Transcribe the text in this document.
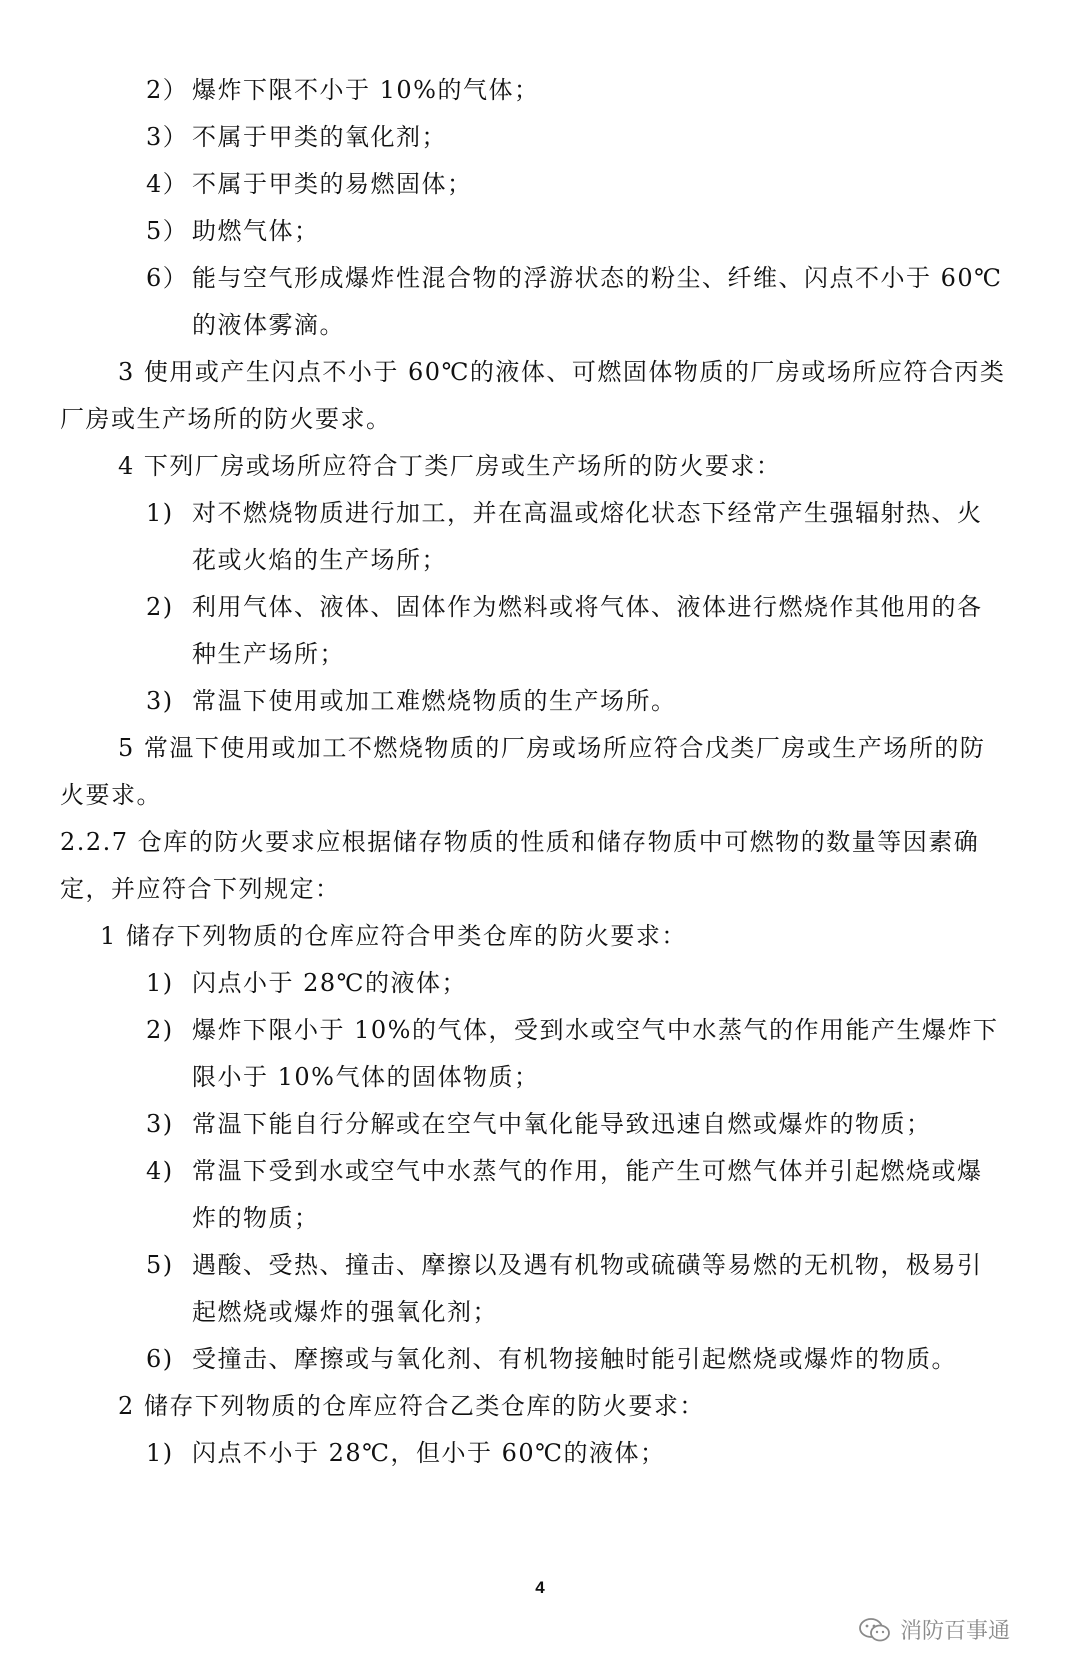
2） 爆炸下限不小于 10%的气体；
3） 不属于甲类的氧化剂；
4） 不属于甲类的易燃固体；
5） 助燃气体；
6） 能与空气形成爆炸性混合物的浮游状态的粉尘、纤维、闪点不小于 60℃
的液体雾滴。
3 使用或产生闪点不小于 60℃的液体、可燃固体物质的厂房或场所应符合丙类
厂房或生产场所的防火要求。
4 下列厂房或场所应符合丁类厂房或生产场所的防火要求：
1) 对不燃烧物质进行加工，并在高温或熔化状态下经常产生强辐射热、火
花或火焰的生产场所；
2) 利用气体、液体、固体作为燃料或将气体、液体进行燃烧作其他用的各
种生产场所；
3) 常温下使用或加工难燃烧物质的生产场所。
5 常温下使用或加工不燃烧物质的厂房或场所应符合戊类厂房或生产场所的防
火要求。
2.2.7 仓库的防火要求应根据储存物质的性质和储存物质中可燃物的数量等因素确
定，并应符合下列规定：
1 储存下列物质的仓库应符合甲类仓库的防火要求：
1) 闪点小于 28℃的液体；
2) 爆炸下限小于 10%的气体，受到水或空气中水蒸气的作用能产生爆炸下
限小于 10%气体的固体物质；
3) 常温下能自行分解或在空气中氧化能导致迅速自燃或爆炸的物质；
4) 常温下受到水或空气中水蒸气的作用，能产生可燃气体并引起燃烧或爆
炸的物质；
5) 遇酸、受热、撞击、摩擦以及遇有机物或硫磺等易燃的无机物，极易引
起燃烧或爆炸的强氧化剂；
6) 受撞击、摩擦或与氧化剂、有机物接触时能引起燃烧或爆炸的物质。
2 储存下列物质的仓库应符合乙类仓库的防火要求：
1) 闪点不小于 28℃，但小于 60℃的液体；
4
消防百事通
